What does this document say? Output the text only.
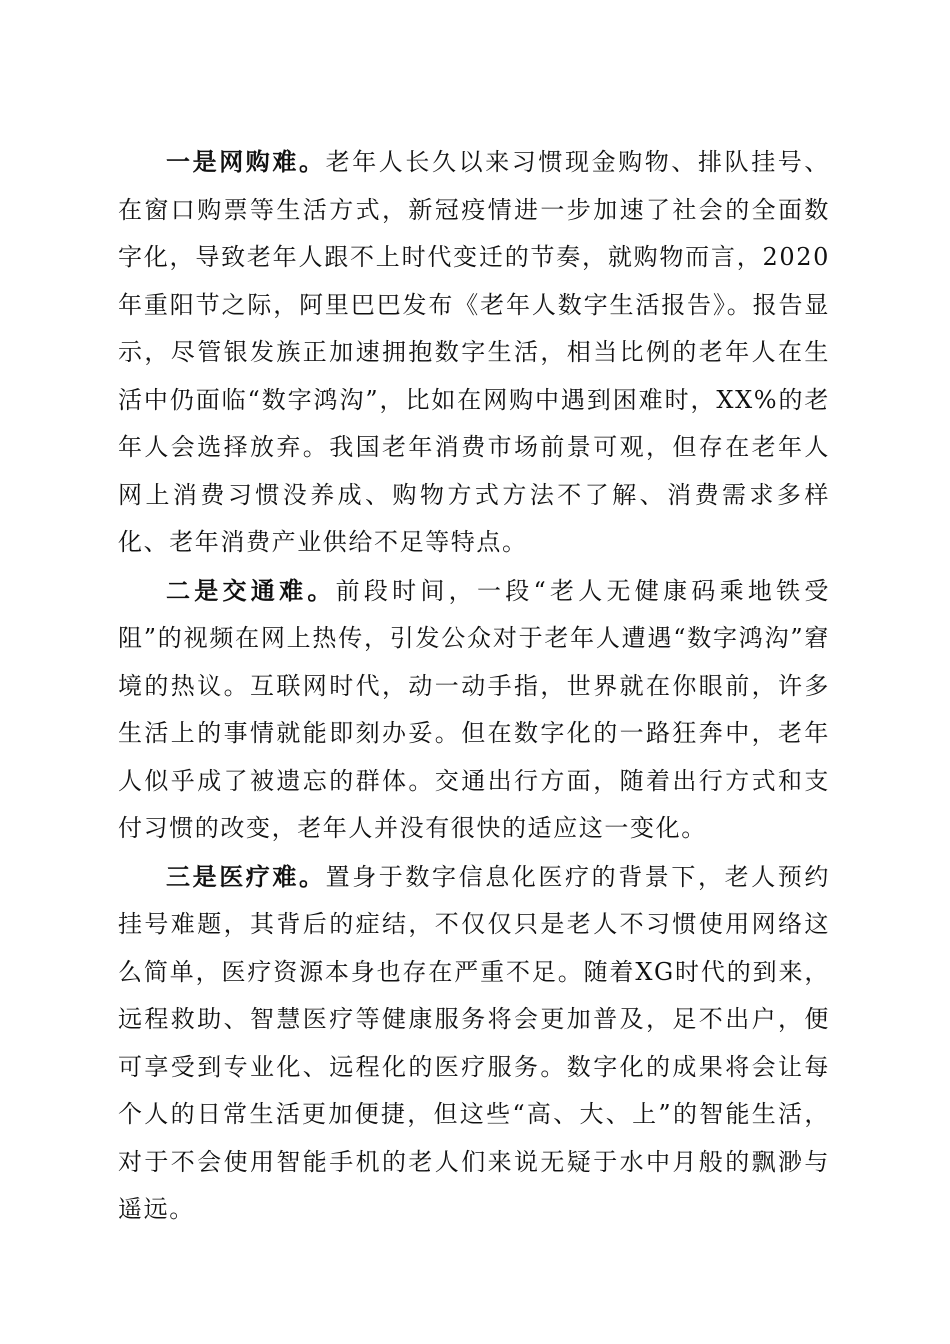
一是网购难。老年人长久以来习惯现金购物、排队挂号、在窗口购票等生活方式，新冠疫情进一步加速了社会的全面数字化，导致老年人跟不上时代变迁的节奏，就购物而言，2020年重阳节之际，阿里巴巴发布《老年人数字生活报告》。报告显示，尽管银发族正加速拥抱数字生活，相当比例的老年人在生活中仍面临“数字鸿沟”，比如在网购中遇到困难时，XX%的老年人会选择放弃。我国老年消费市场前景可观，但存在老年人网上消费习惯没养成、购物方式方法不了解、消费需求多样化、老年消费产业供给不足等特点。

二是交通难。前段时间，一段“老人无健康码乘地铁受阻”的视频在网上热传，引发公众对于老年人遭遇“数字鸿沟”窘境的热议。互联网时代，动一动手指，世界就在你眼前，许多生活上的事情就能即刻办妥。但在数字化的一路狂奔中，老年人似乎成了被遗忘的群体。交通出行方面，随着出行方式和支付习惯的改变，老年人并没有很快的适应这一变化。

三是医疗难。置身于数字信息化医疗的背景下，老人预约挂号难题，其背后的症结，不仅仅只是老人不习惯使用网络这么简单，医疗资源本身也存在严重不足。随着XG时代的到来，远程救助、智慧医疗等健康服务将会更加普及，足不出户，便可享受到专业化、远程化的医疗服务。数字化的成果将会让每个人的日常生活更加便捷，但这些“高、大、上”的智能生活，对于不会使用智能手机的老人们来说无疑于水中月般的飘渺与遥远。
